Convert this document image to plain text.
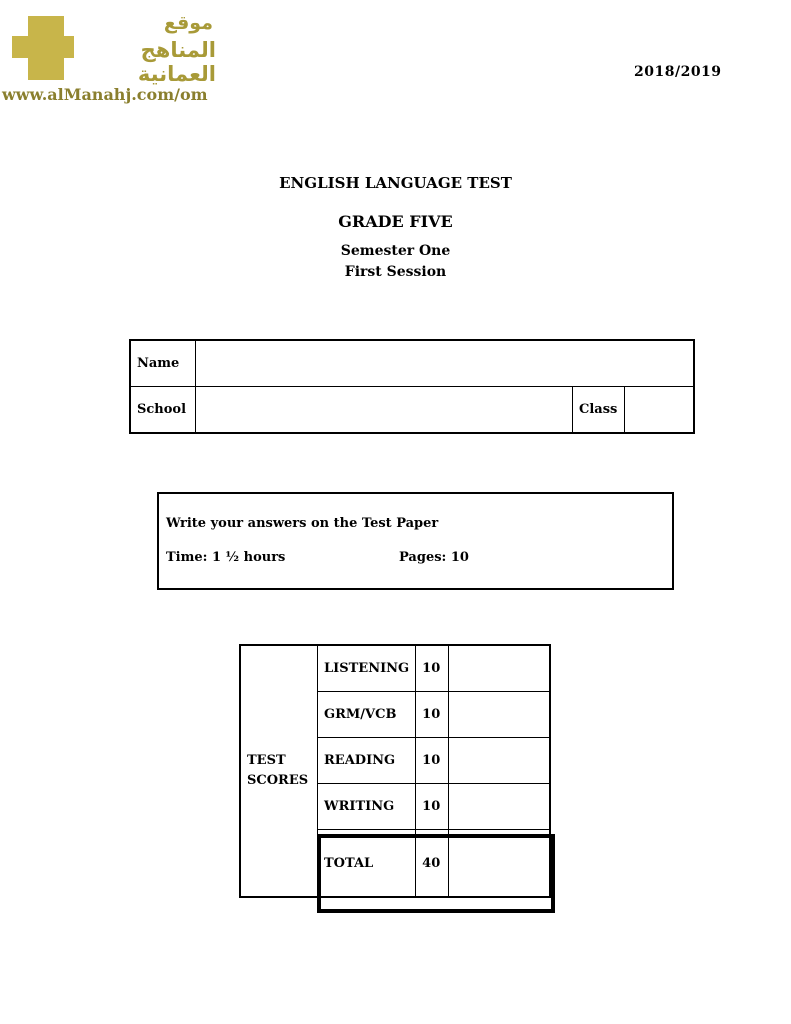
موقع
المناهج العمانية
www.alManahj.com/om
2018/2019
ENGLISH LANGUAGE TEST
GRADE FIVE
Semester One
First Session
Name			
School		Class	
Write your answers on the Test Paper
Time: 1 ½ hours	Pages: 10
TEST
SCORES	LISTENING	10	
	GRM/VCB	10	
	READING	10	
	WRITING	10	
	TOTAL	40	
